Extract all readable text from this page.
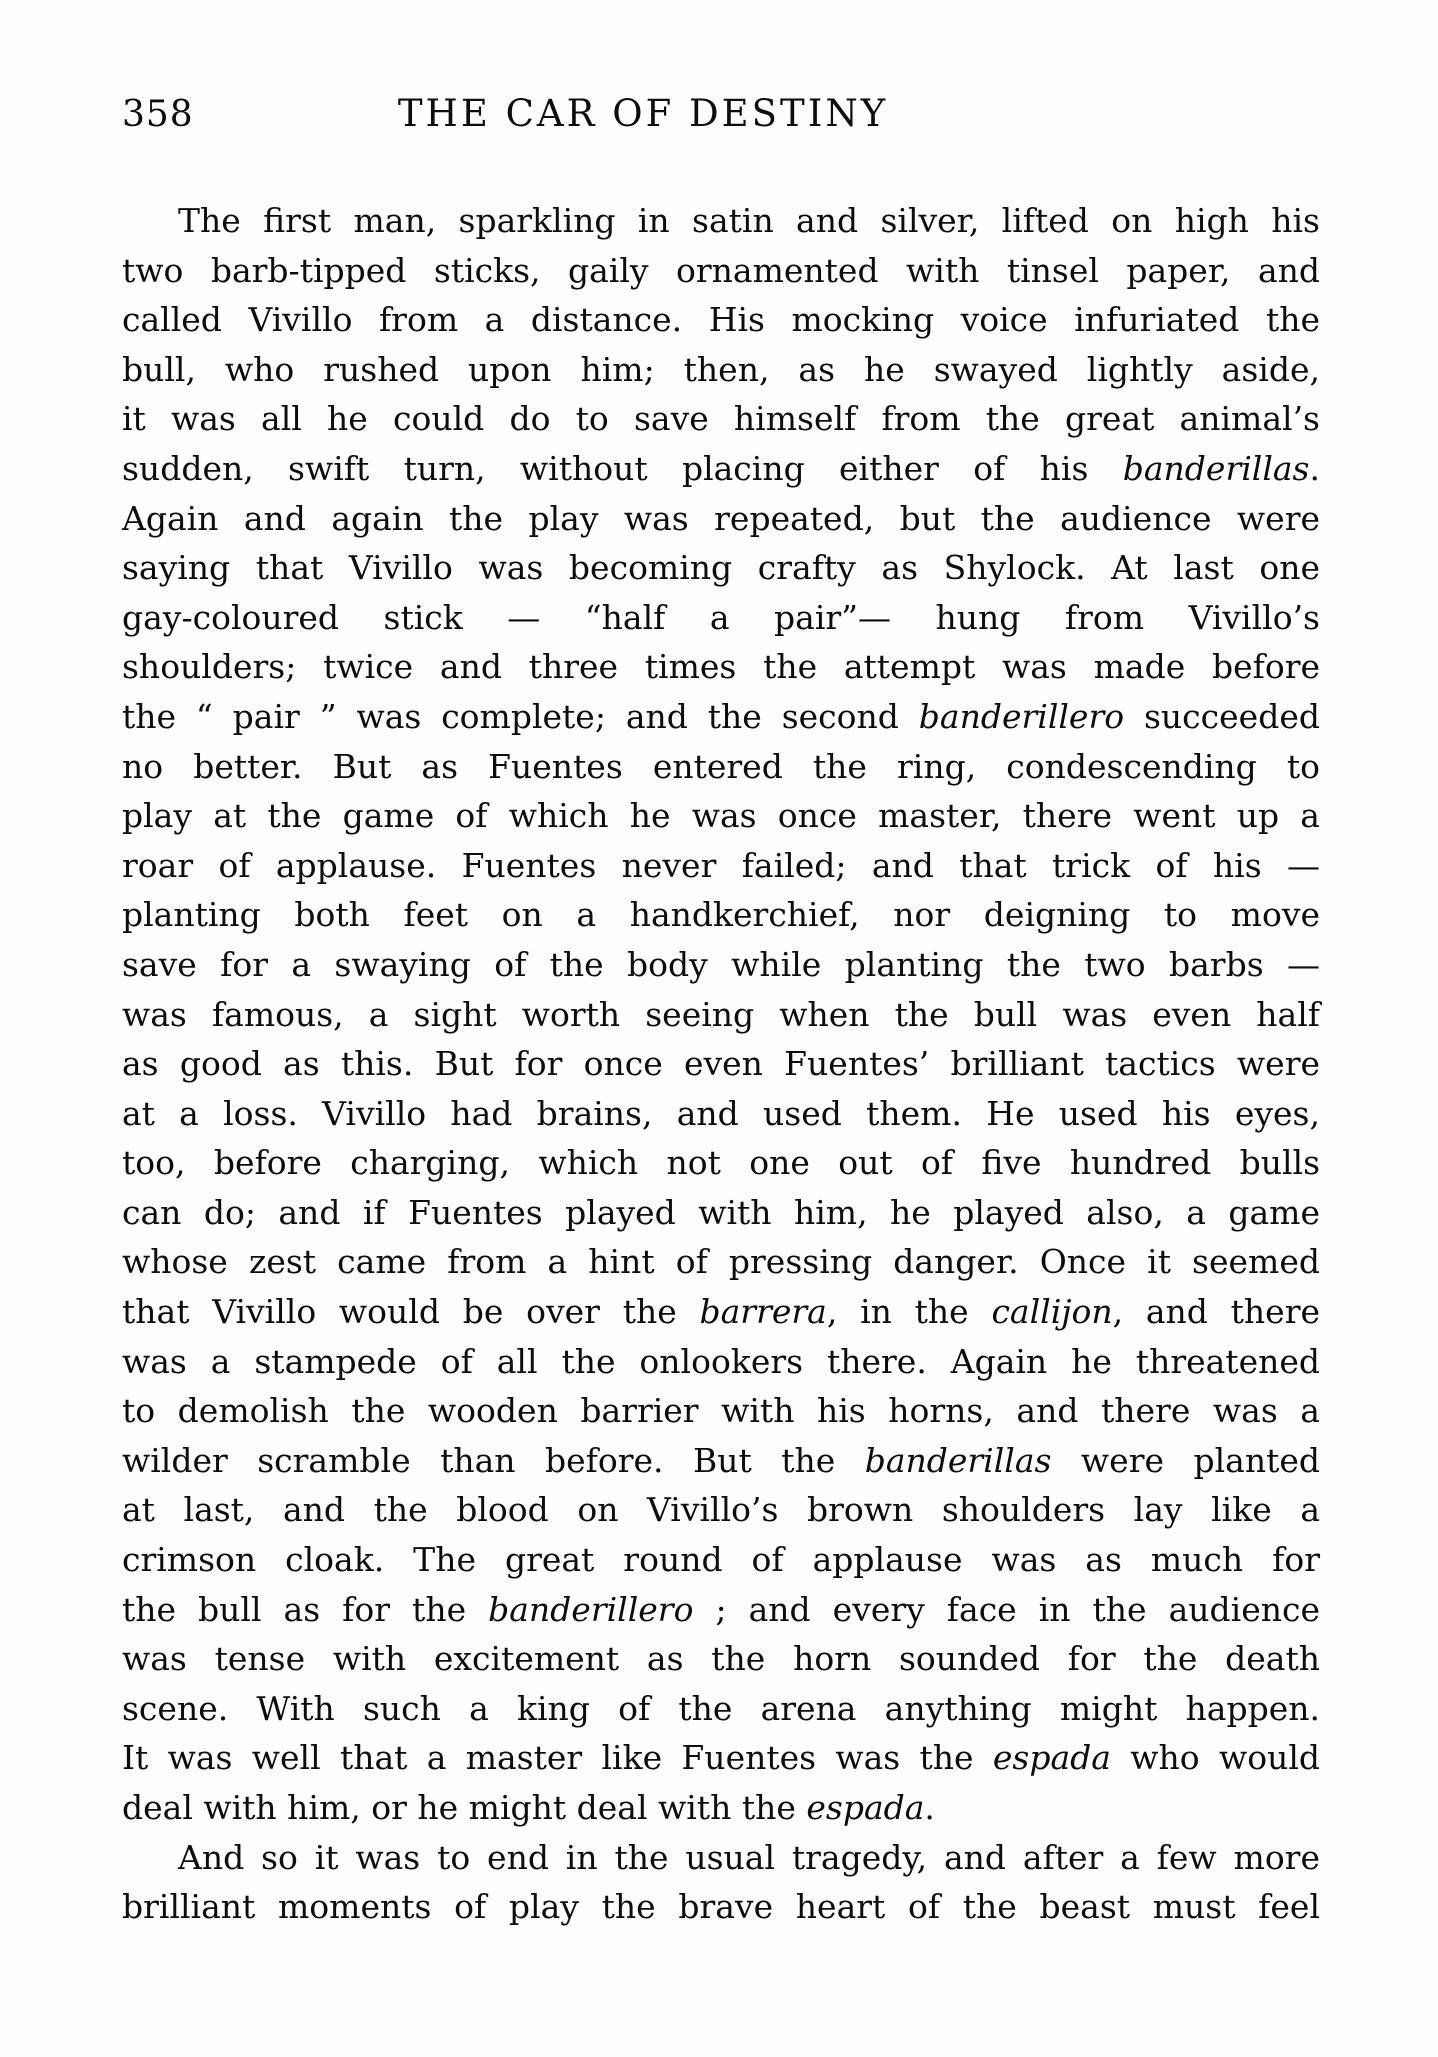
358	THE CAR OF DESTINY
The first man, sparkling in satin and silver, lifted on high his
two barb-tipped sticks, gaily ornamented with tinsel paper, and
called Vivillo from a distance. His mocking voice infuriated the
bull, who rushed upon him; then, as he swayed lightly aside,
it was all he could do to save himself from the great animal’s
sudden, swift turn, without placing either of his banderillas.
Again and again the play was repeated, but the audience were
saying that Vivillo was becoming crafty as Shylock. At last one
gay-coloured stick — “half a pair”— hung from Vivillo’s
shoulders; twice and three times the attempt was made before
the “ pair ” was complete; and the second banderillero succeeded
no better. But as Fuentes entered the ring, condescending to
play at the game of which he was once master, there went up a
roar of applause. Fuentes never failed; and that trick of his —
planting both feet on a handkerchief, nor deigning to move
save for a swaying of the body while planting the two barbs —
was famous, a sight worth seeing when the bull was even half
as good as this. But for once even Fuentes’ brilliant tactics were
at a loss. Vivillo had brains, and used them. He used his eyes,
too, before charging, which not one out of five hundred bulls
can do; and if Fuentes played with him, he played also, a game
whose zest came from a hint of pressing danger. Once it seemed
that Vivillo would be over the barrera, in the callijon, and there
was a stampede of all the onlookers there. Again he threatened
to demolish the wooden barrier with his horns, and there was a
wilder scramble than before. But the banderillas were planted
at last, and the blood on Vivillo’s brown shoulders lay like a
crimson cloak. The great round of applause was as much for
the bull as for the banderillero ; and every face in the audience
was tense with excitement as the horn sounded for the death
scene. With such a king of the arena anything might happen.
It was well that a master like Fuentes was the espada who would
deal with him, or he might deal with the espada.
And so it was to end in the usual tragedy, and after a few more
brilliant moments of play the brave heart of the beast must feel
